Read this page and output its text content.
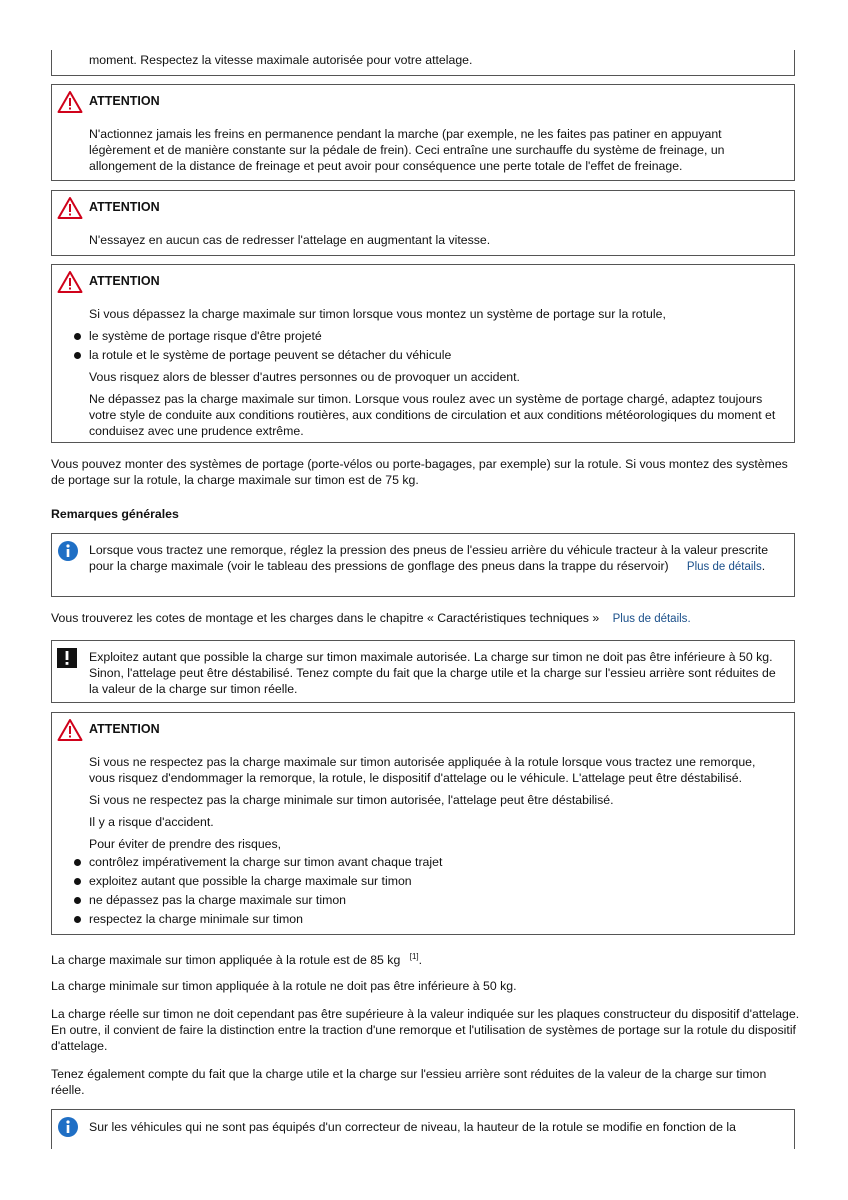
moment. Respectez la vitesse maximale autorisée pour votre attelage.
ATTENTION
N'actionnez jamais les freins en permanence pendant la marche (par exemple, ne les faites pas patiner en appuyant légèrement et de manière constante sur la pédale de frein). Ceci entraîne une surchauffe du système de freinage, un allongement de la distance de freinage et peut avoir pour conséquence une perte totale de l'effet de freinage.
ATTENTION
N'essayez en aucun cas de redresser l'attelage en augmentant la vitesse.
ATTENTION

Si vous dépassez la charge maximale sur timon lorsque vous montez un système de portage sur la rotule,

le système de portage risque d'être projeté
la rotule et le système de portage peuvent se détacher du véhicule

Vous risquez alors de blesser d'autres personnes ou de provoquer un accident.

Ne dépassez pas la charge maximale sur timon. Lorsque vous roulez avec un système de portage chargé, adaptez toujours votre style de conduite aux conditions routières, aux conditions de circulation et aux conditions météorologiques du moment et conduisez avec une prudence extrême.

Vous pouvez monter des systèmes de portage (porte-vélos ou porte-bagages, par exemple) sur la rotule. Si vous montez des systèmes de portage sur la rotule, la charge maximale sur timon est de 75 kg.
Remarques générales
Lorsque vous tractez une remorque, réglez la pression des pneus de l'essieu arrière du véhicule tracteur à la valeur prescrite pour la charge maximale (voir le tableau des pressions de gonflage des pneus dans la trappe du réservoir) Plus de détails.
Vous trouverez les cotes de montage et les charges dans le chapitre « Caractéristiques techniques » Plus de détails.
Exploitez autant que possible la charge sur timon maximale autorisée. La charge sur timon ne doit pas être inférieure à 50 kg. Sinon, l'attelage peut être déstabilisé. Tenez compte du fait que la charge utile et la charge sur l'essieu arrière sont réduites de la valeur de la charge sur timon réelle.
ATTENTION

Si vous ne respectez pas la charge maximale sur timon autorisée appliquée à la rotule lorsque vous tractez une remorque, vous risquez d'endommager la remorque, la rotule, le dispositif d'attelage ou le véhicule. L'attelage peut être déstabilisé.

Si vous ne respectez pas la charge minimale sur timon autorisée, l'attelage peut être déstabilisé.

Il y a risque d'accident.

Pour éviter de prendre des risques,

contrôlez impérativement la charge sur timon avant chaque trajet
exploitez autant que possible la charge maximale sur timon
ne dépassez pas la charge maximale sur timon
respectez la charge minimale sur timon
La charge maximale sur timon appliquée à la rotule est de 85 kg [1].
La charge minimale sur timon appliquée à la rotule ne doit pas être inférieure à 50 kg.
La charge réelle sur timon ne doit cependant pas être supérieure à la valeur indiquée sur les plaques constructeur du dispositif d'attelage. En outre, il convient de faire la distinction entre la traction d'une remorque et l'utilisation de systèmes de portage sur la rotule du dispositif d'attelage.
Tenez également compte du fait que la charge utile et la charge sur l'essieu arrière sont réduites de la valeur de la charge sur timon réelle.
Sur les véhicules qui ne sont pas équipés d'un correcteur de niveau, la hauteur de la rotule se modifie en fonction de la
